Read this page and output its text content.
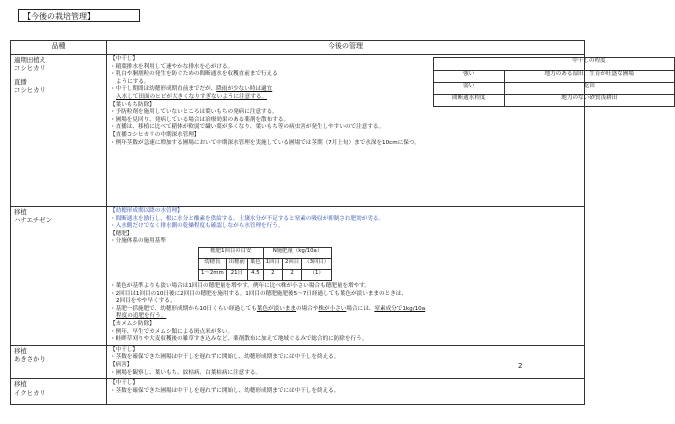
【今後の栽培管理】
品種	今後の管理

適期田植え
コシヒカリ
直播
コシヒカリ

【中干し】
・稲葉排水を利用して速やかな排水を心がける。
・乳白や胴割粒の発生を防ぐための間断通水を収穫直前まで行える
ようにする。
・中干し期間は幼穂形成期直前までだが、降雨が少ない時は適宜
入水して田面のヒビが大きくなりすぎないように注意する。
	中干しの程度
強い	地力のある湿田、生育が旺盛な圃場
弱い	乾田
間断通水程度	地力のない砂質浅耕田
【葉いもち防除】
・予防粒剤を施用していないところは葉いもちの発病に注意する。
・圃場を見回り、発病している場合は治療効果のある薬剤を散布する。
・直播は、移植に比べて稲体が軟弱で繊い葉が多くなり、葉いもち等の病虫害が発生しやすいので注意する。
【直播コシヒカリの中期深水管理】
・例年茎数が急速に増加する圃場において中期深水管理を実施している圃場では茎期（7月上旬）まで水深を10cmに保つ。

移植
ハナエチゼン

【幼穂形成期以降の水管理】
・間断通水を励行し、根に水分と酸素を供給する。土壌水分が不足すると窒素の吸収が抑制され肥効が劣る。
・入水側だけでなく排水側の乾燥程度も確認しながら水管理を行う。
【穂肥】
・分施体系の施用基準
穂肥1回目の目安	N施肥量（kg/10a）
幼穂長	出穂前	葉色	1回目	2回目	（3回目）
1〜2mm	21日	4.5	2	2	（1）
・葉色が基準よりも淡い場合は1回目の穂肥量を増やす。例年に比べ株が小さい場合も穂肥量を増やす。
・2回目は1回目の10日後に2回目の穂肥を施用する。1回目の穂肥施肥後5〜7日経過しても葉色が淡いままのときは、
2回目をやや早くする。
・基肥一括施肥で、幼穂形成期から10日くらい経過しても葉色が淡いままの場合や株が小さい場合には、窒素成分で1kg/10a
程度の追肥を行う。
【カメムシ防除】
・例年、早生でカメムシ類による斑点米が多い。
・畦畔草刈りや大麦収穫後の雑草すき込みなど、薬剤散布に加えて地域ぐるみで総合的に防除を行う。

移植
あきさかり

【中干し】
・茎数を確保できた圃場は中干しを遅れずに開始し、幼穂形成期までには中干しを終える。
【病害】
・圃場を観察し、葉いもち、紋枯病、白葉枯病に注意する。

移植
イクヒカリ

【中干し】
・茎数を確保できた圃場は中干しを遅れずに開始し、幼穂形成期までには中干しを終える。
2
